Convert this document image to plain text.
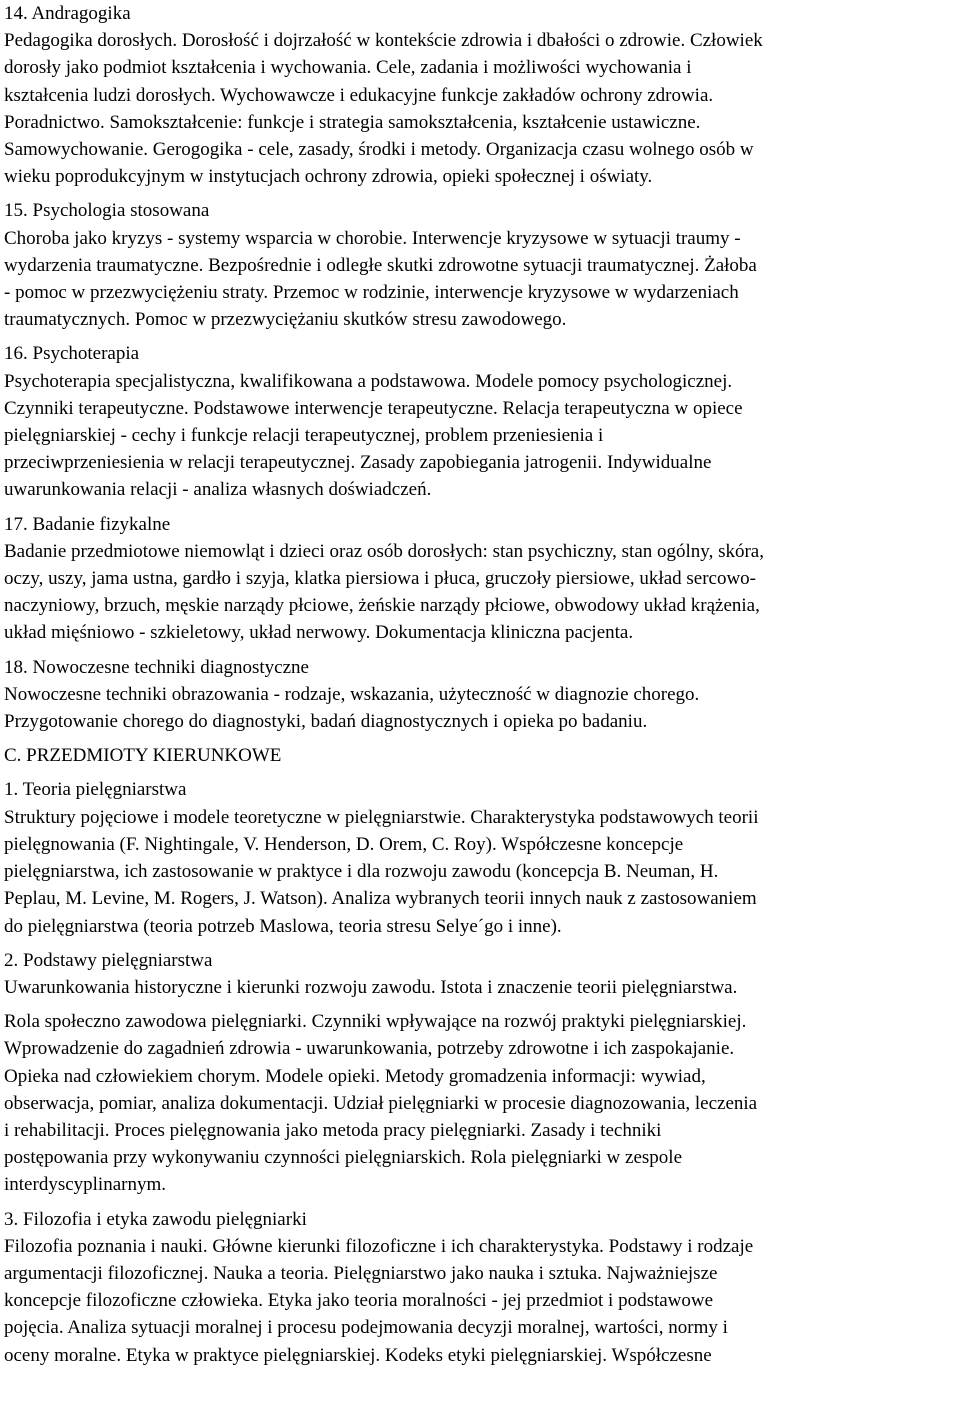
14. Andragogika
Pedagogika dorosłych. Dorosłość i dojrzałość w kontekście zdrowia i dbałości o zdrowie. Człowiek
dorosły jako podmiot kształcenia i wychowania. Cele, zadania i możliwości wychowania i
kształcenia ludzi dorosłych. Wychowawcze i edukacyjne funkcje zakładów ochrony zdrowia.
Poradnictwo. Samokształcenie: funkcje i strategia samokształcenia, kształcenie ustawiczne.
Samowychowanie. Gerogogika - cele, zasady, środki i metody. Organizacja czasu wolnego osób w
wieku poprodukcyjnym w instytucjach ochrony zdrowia, opieki społecznej i oświaty.
15. Psychologia stosowana
Choroba jako kryzys - systemy wsparcia w chorobie. Interwencje kryzysowe w sytuacji traumy -
wydarzenia traumatyczne. Bezpośrednie i odległe skutki zdrowotne sytuacji traumatycznej. Żałoba
- pomoc w przezwyciężeniu straty. Przemoc w rodzinie, interwencje kryzysowe w wydarzeniach
traumatycznych. Pomoc w przezwyciężaniu skutków stresu zawodowego.
16. Psychoterapia
Psychoterapia specjalistyczna, kwalifikowana a podstawowa. Modele pomocy psychologicznej.
Czynniki terapeutyczne. Podstawowe interwencje terapeutyczne. Relacja terapeutyczna w opiece
pielęgniarskiej - cechy i funkcje relacji terapeutycznej, problem przeniesienia i
przeciwprzeniesienia w relacji terapeutycznej. Zasady zapobiegania jatrogenii. Indywidualne
uwarunkowania relacji - analiza własnych doświadczeń.
17. Badanie fizykalne
Badanie przedmiotowe niemowląt i dzieci oraz osób dorosłych: stan psychiczny, stan ogólny, skóra,
oczy, uszy, jama ustna, gardło i szyja, klatka piersiowa i płuca, gruczoły piersiowe, układ sercowo-
naczyniowy, brzuch, męskie narządy płciowe, żeńskie narządy płciowe, obwodowy układ krążenia,
układ mięśniowo - szkieletowy, układ nerwowy. Dokumentacja kliniczna pacjenta.
18. Nowoczesne techniki diagnostyczne
Nowoczesne techniki obrazowania - rodzaje, wskazania, użyteczność w diagnozie chorego.
Przygotowanie chorego do diagnostyki, badań diagnostycznych i opieka po badaniu.
C. PRZEDMIOTY KIERUNKOWE
1. Teoria pielęgniarstwa
Struktury pojęciowe i modele teoretyczne w pielęgniarstwie. Charakterystyka podstawowych teorii
pielęgnowania (F. Nightingale, V. Henderson, D. Orem, C. Roy). Współczesne koncepcje
pielęgniarstwa, ich zastosowanie w praktyce i dla rozwoju zawodu (koncepcja B. Neuman, H.
Peplau, M. Levine, M. Rogers, J. Watson). Analiza wybranych teorii innych nauk z zastosowaniem
do pielęgniarstwa (teoria potrzeb Maslowa, teoria stresu Selye´go i inne).
2. Podstawy pielęgniarstwa
Uwarunkowania historyczne i kierunki rozwoju zawodu. Istota i znaczenie teorii pielęgniarstwa.
Rola społeczno zawodowa pielęgniarki. Czynniki wpływające na rozwój praktyki pielęgniarskiej.
Wprowadzenie do zagadnień zdrowia - uwarunkowania, potrzeby zdrowotne i ich zaspokajanie.
Opieka nad człowiekiem chorym. Modele opieki. Metody gromadzenia informacji: wywiad,
obserwacja, pomiar, analiza dokumentacji. Udział pielęgniarki w procesie diagnozowania, leczenia
i rehabilitacji. Proces pielęgnowania jako metoda pracy pielęgniarki. Zasady i techniki
postępowania przy wykonywaniu czynności pielęgniarskich. Rola pielęgniarki w zespole
interdyscyplinarnym.
3. Filozofia i etyka zawodu pielęgniarki
Filozofia poznania i nauki. Główne kierunki filozoficzne i ich charakterystyka. Podstawy i rodzaje
argumentacji filozoficznej. Nauka a teoria. Pielęgniarstwo jako nauka i sztuka. Najważniejsze
koncepcje filozoficzne człowieka. Etyka jako teoria moralności - jej przedmiot i podstawowe
pojęcia. Analiza sytuacji moralnej i procesu podejmowania decyzji moralnej, wartości, normy i
oceny moralne. Etyka w praktyce pielęgniarskiej. Kodeks etyki pielęgniarskiej. Współczesne
